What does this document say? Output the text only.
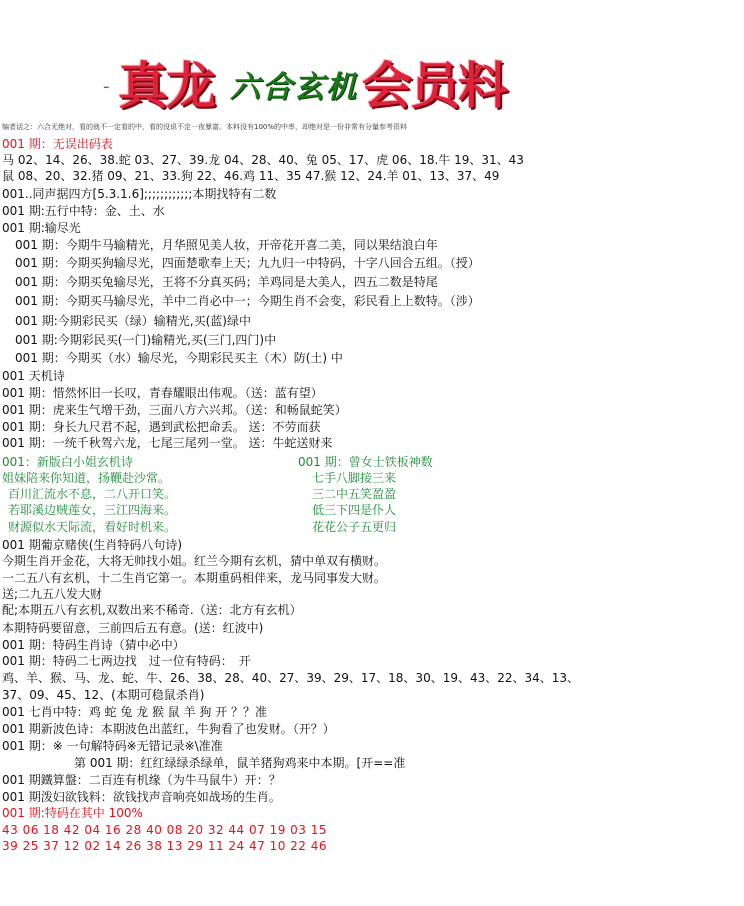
- 真龙 六合玄机 会员料
编者话之：六合无绝对，看的就不一定看的中，看的没说不定一夜暴富。本料没有100%的中率，却绝对是一份非常有分量参考资料
001 期：无误出码表
马 02、14、26、38.蛇 03、27、39.龙 04、28、40、兔 05、17、虎 06、18.牛 19、31、43
鼠 08、20、32.猪 09、21、33.狗 22、46.鸡 11、35 47.猴 12、24.羊 01、13、37、49
001..同声据四方[5.3.1.6];;;;;;;;;;;;本期找特有二数
001 期:五行中特：金、土、水
001 期:输尽光
001 期：今期牛马输精光，月华照见美人妆，开帝花开喜二美，同以果结浪白年
001 期：今期买狗输尽光，四面楚歌奉上天；九九归一中特码，十字八回合五组。（授）
001 期：今期买兔输尽光，王将不分真买码；羊鸡同是大美人，四五二数是特尾
001 期：今期买马输尽光，羊中二肖必中一；今期生肖不会变，彩民看上上数特。（涉）
001 期:今期彩民买（绿）输精光,买(蓝)绿中
001 期:今期彩民买(一门)输精光,买(三门,四门)中
001 期：今期买（水）输尽光，今期彩民买主（木）防(土) 中
001 天机诗
001 期：惜然怀旧一长叹，青春耀眼出伟观。（送：蓝有望）
001 期：虎来生气增干劲，三面八方六兴邦。（送：和畅鼠蛇笑）
001 期：身长九尺君不起，遇到武松把命丢。 送：不劳而获
001 期：一统千秋驾六龙，七尾三尾列一堂。 送：牛蛇送财来
001：新版白小姐玄机诗
姐妹陪来你知道，扬鞭赴沙常。
百川汇流水不息，二八开口笑。
若耶溪边贼莲女，三江四海来。
财源似水天际流，看好时机来。
001 期：曾女士铁板神数
七手八脚接三来
三二中五笑盈盈
低三下四是仆人
花花公子五更归
001 期葡京赌侠(生肖特码八句诗)
今期生肖开金花，大将无帅找小姐。红兰今期有玄机，猜中单双有横财。
一二五八有玄机，十二生肖它第一。本期重码相伴来，龙马同事发大财。
送;二九五八发大财
配;本期五八有玄机,双数出来不稀奇.（送：北方有玄机）
本期特码要留意，三前四后五有意。(送：红波中)
001 期：特码生肖诗（猜中必中）
001 期：特码二七两边找　过一位有特码：　开
鸡、羊、猴、马、龙、蛇、牛、26、38、28、40、27、39、29、17、18、30、19、43、22、34、13、
37、09、45、12、(本期可稳鼠杀肖)
001 七肖中特：鸡 蛇 兔 龙 猴 鼠 羊 狗 开 ？？准
001 期新波色诗：本期波色出蓝红，牛狗看了也发财。（开？）
001 期：※ 一句解特码※无错记录※\准准
　　　　　　第 001 期：红红绿绿杀绿单，鼠羊猪狗鸡来中本期。[开==准
001 期鐵算盤：二百连有机缘（为牛马鼠牛）开：？
001 期泼妇欲钱料：欲钱找声音响亮如战场的生肖。
001 期:特码在其中 100%
43 06 18 42 04 16 28 40 08 20 32 44 07 19 03 15
39 25 37 12 02 14 26 38 13 29 11 24 47 10 22 46
